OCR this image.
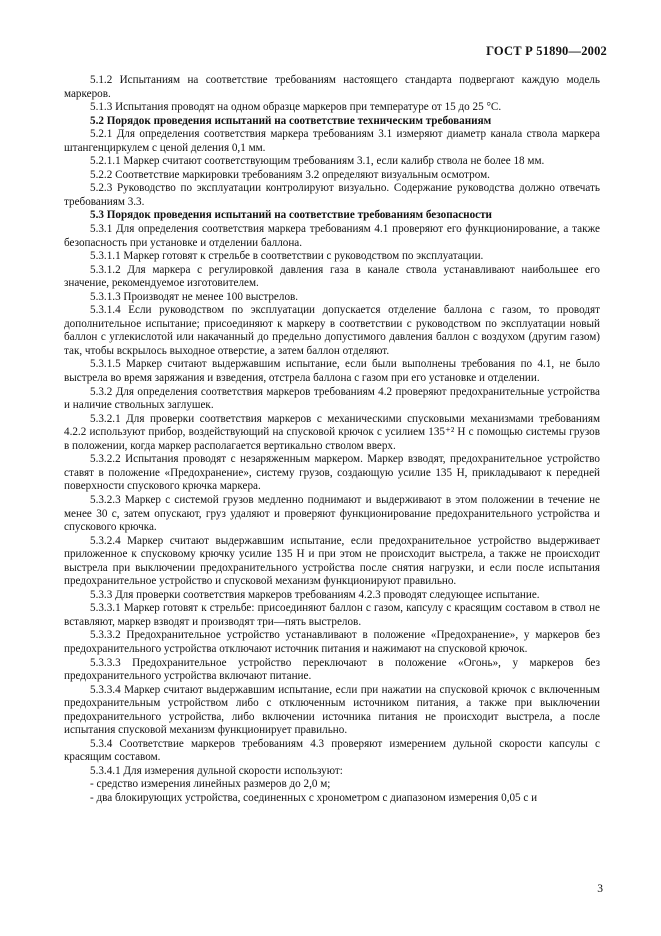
ГОСТ Р 51890—2002

5.1.2 Испытаниям на соответствие требованиям настоящего стандарта подвергают каждую модель маркеров.

5.1.3 Испытания проводят на одном образце маркеров при температуре от 15 до 25 °С.

5.2 Порядок проведения испытаний на соответствие техническим требованиям

5.2.1 Для определения соответствия маркера требованиям 3.1 измеряют диаметр канала ствола маркера штангенциркулем с ценой деления 0,1 мм.

5.2.1.1 Маркер считают соответствующим требованиям 3.1, если калибр ствола не более 18 мм.

5.2.2 Соответствие маркировки требованиям 3.2 определяют визуальным осмотром.

5.2.3 Руководство по эксплуатации контролируют визуально. Содержание руководства должно отвечать требованиям 3.3.

5.3 Порядок проведения испытаний на соответствие требованиям безопасности

5.3.1 Для определения соответствия маркера требованиям 4.1 проверяют его функционирование, а также безопасность при установке и отделении баллона.

5.3.1.1 Маркер готовят к стрельбе в соответствии с руководством по эксплуатации.

5.3.1.2 Для маркера с регулировкой давления газа в канале ствола устанавливают наибольшее его значение, рекомендуемое изготовителем.

5.3.1.3 Производят не менее 100 выстрелов.

5.3.1.4 Если руководством по эксплуатации допускается отделение баллона с газом, то проводят дополнительное испытание; присоединяют к маркеру в соответствии с руководством по эксплуатации новый баллон с углекислотой или накачанный до предельно допустимого давления баллон с воздухом (другим газом) так, чтобы вскрылось выходное отверстие, а затем баллон отделяют.

5.3.1.5 Маркер считают выдержавшим испытание, если были выполнены требования по 4.1, не было выстрела во время заряжания и взведения, отстрела баллона с газом при его установке и отделении.

5.3.2 Для определения соответствия маркеров требованиям 4.2 проверяют предохранительные устройства и наличие ствольных заглушек.

5.3.2.1 Для проверки соответствия маркеров с механическими спусковыми механизмами требованиям 4.2.2 используют прибор, воздействующий на спусковой крючок с усилием 135⁺² Н с помощью системы грузов в положении, когда маркер располагается вертикально стволом вверх.

5.3.2.2 Испытания проводят с незаряженным маркером. Маркер взводят, предохранительное устройство ставят в положение «Предохранение», систему грузов, создающую усилие 135 Н, прикладывают к передней поверхности спускового крючка маркера.

5.3.2.3 Маркер с системой грузов медленно поднимают и выдерживают в этом положении в течение не менее 30 с, затем опускают, груз удаляют и проверяют функционирование предохранительного устройства и спускового крючка.

5.3.2.4 Маркер считают выдержавшим испытание, если предохранительное устройство выдерживает приложенное к спусковому крючку усилие 135 Н и при этом не происходит выстрела, а также не происходит выстрела при выключении предохранительного устройства после снятия нагрузки, и если после испытания предохранительное устройство и спусковой механизм функционируют правильно.

5.3.3 Для проверки соответствия маркеров требованиям 4.2.3 проводят следующее испытание.

5.3.3.1 Маркер готовят к стрельбе: присоединяют баллон с газом, капсулу с красящим составом в ствол не вставляют, маркер взводят и производят три—пять выстрелов.

5.3.3.2 Предохранительное устройство устанавливают в положение «Предохранение», у маркеров без предохранительного устройства отключают источник питания и нажимают на спусковой крючок.

5.3.3.3 Предохранительное устройство переключают в положение «Огонь», у маркеров без предохранительного устройства включают питание.

5.3.3.4 Маркер считают выдержавшим испытание, если при нажатии на спусковой крючок с включенным предохранительным устройством либо с отключенным источником питания, а также при выключении предохранительного устройства, либо включении источника питания не происходит выстрела, а после испытания спусковой механизм функционирует правильно.

5.3.4 Соответствие маркеров требованиям 4.3 проверяют измерением дульной скорости капсулы с красящим составом.

5.3.4.1 Для измерения дульной скорости используют:

- средство измерения линейных размеров до 2,0 м;

- два блокирующих устройства, соединенных с хронометром с диапазоном измерения 0,05 с и

3
